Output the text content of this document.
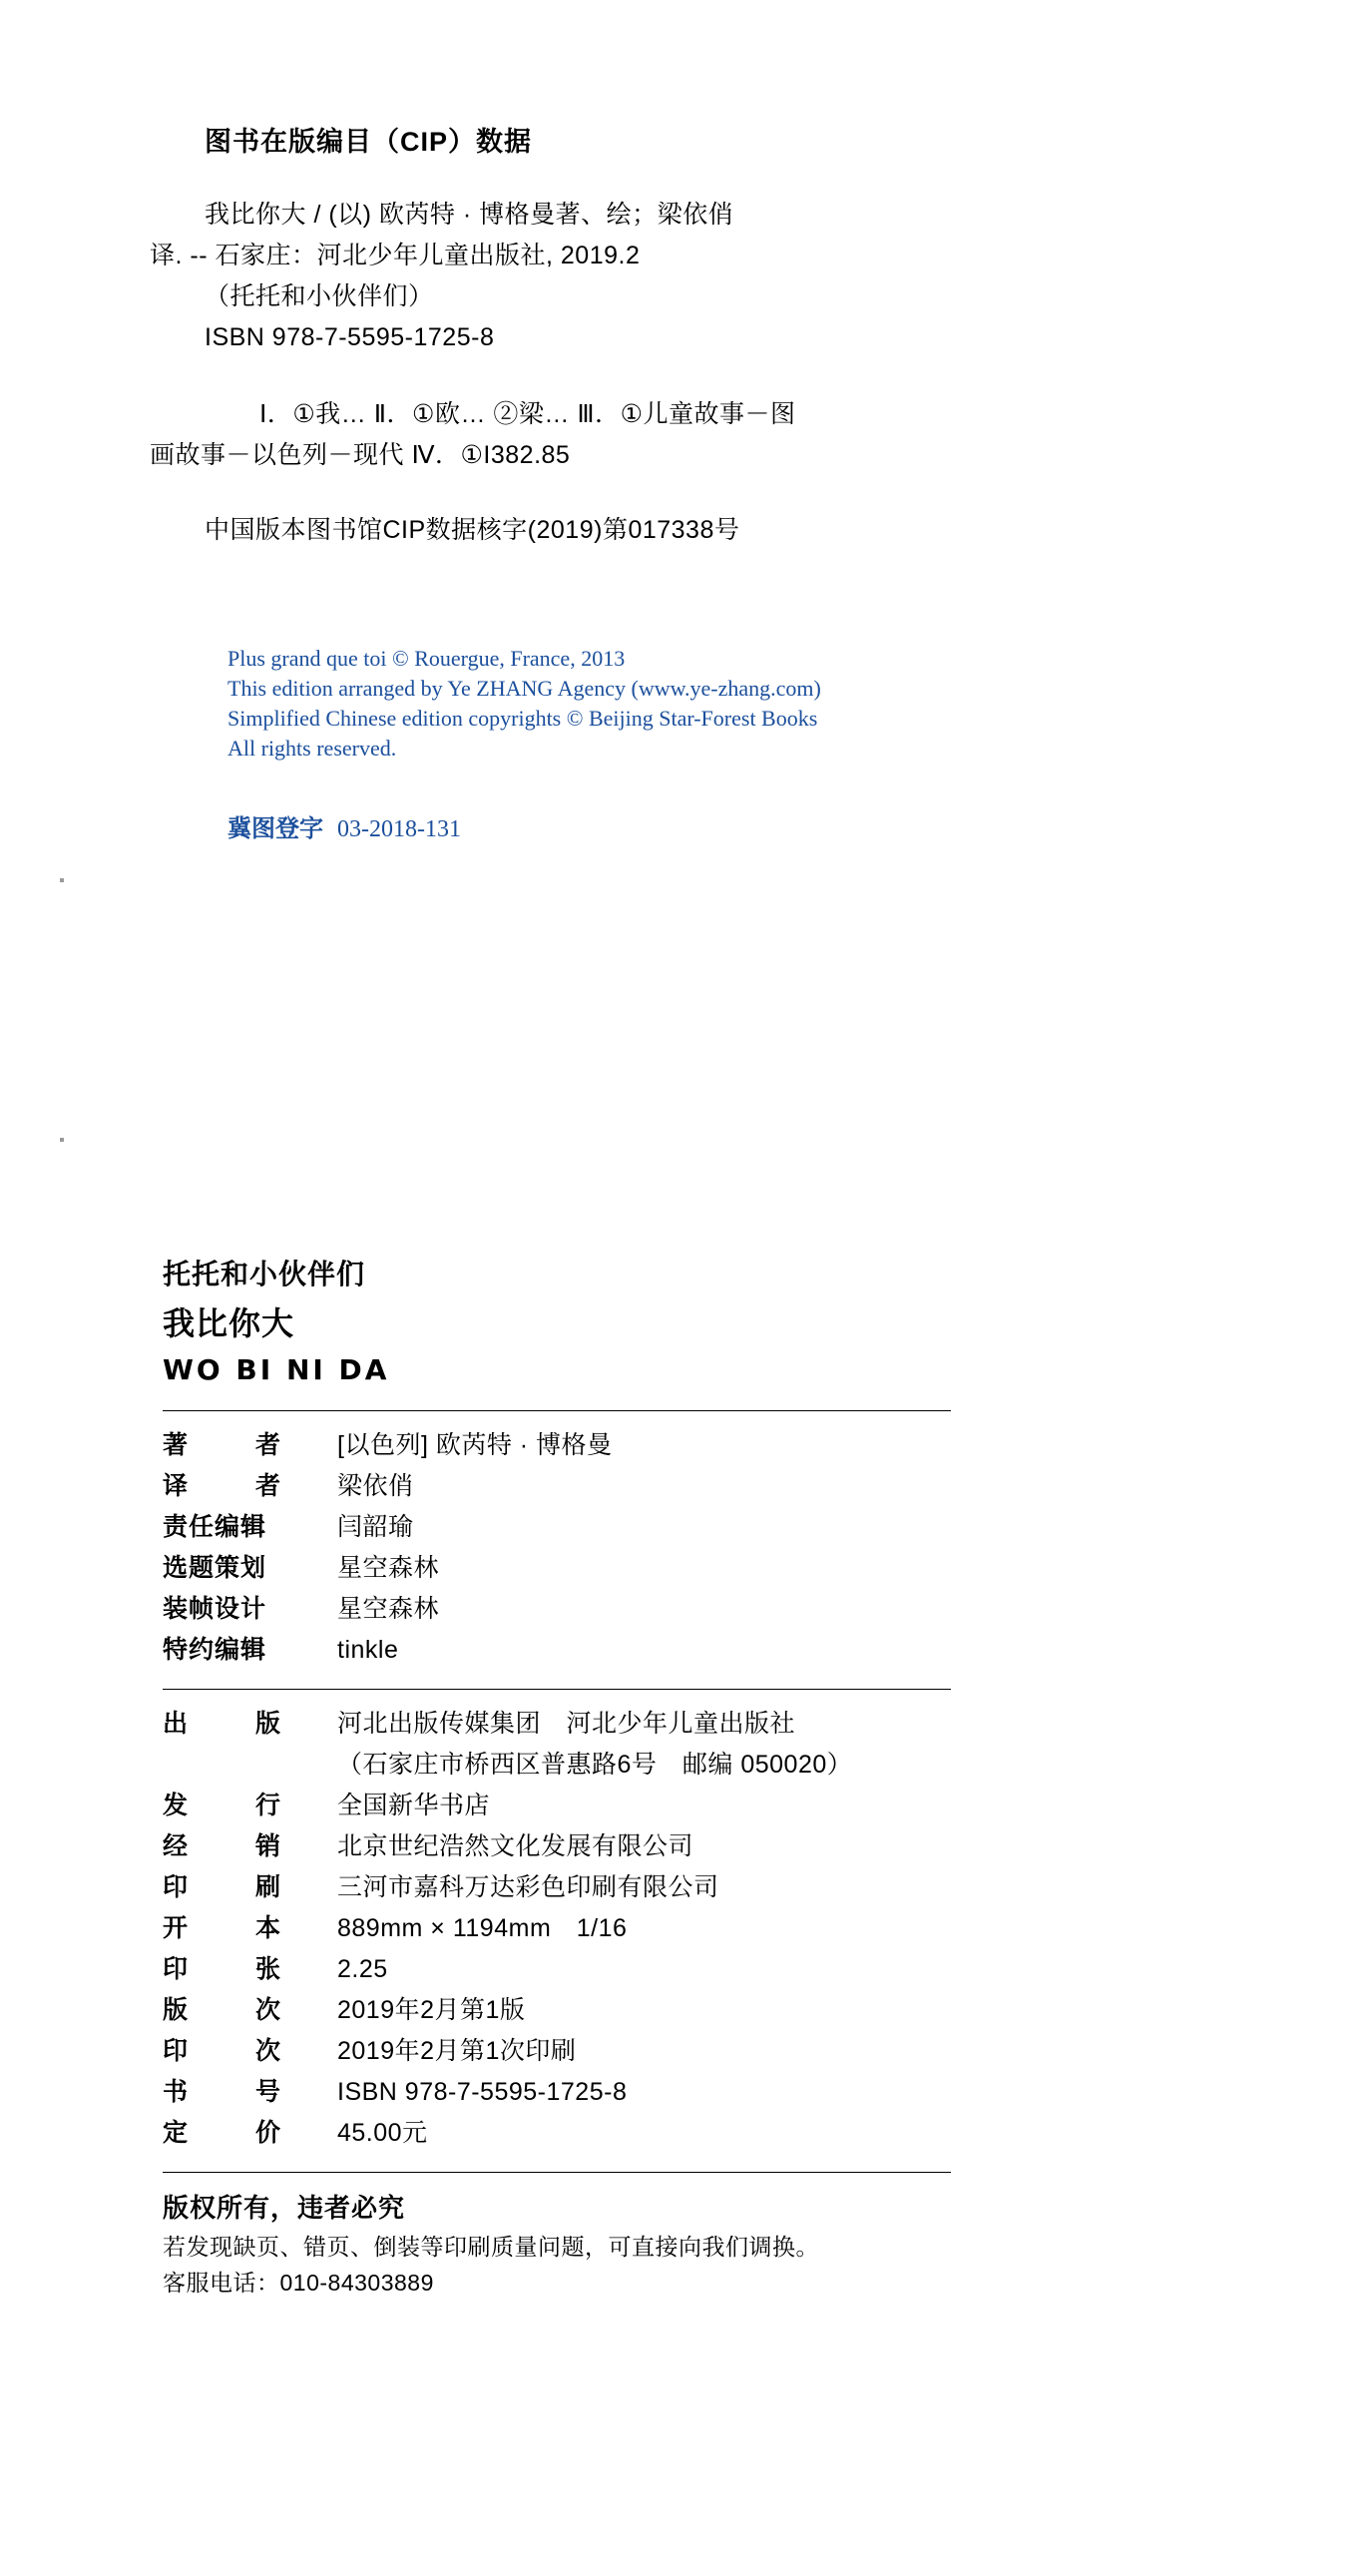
图书在版编目（CIP）数据
我比你大 / (以) 欧芮特 · 博格曼著、绘；梁依俏
译. -- 石家庄：河北少年儿童出版社, 2019.2
（托托和小伙伴们）
ISBN 978-7-5595-1725-8
Ⅰ．①我… Ⅱ．①欧… ②梁… Ⅲ．①儿童故事－图
画故事－以色列－现代 Ⅳ．①I382.85
中国版本图书馆CIP数据核字(2019)第017338号
Plus grand que toi © Rouergue, France, 2013
This edition arranged by Ye ZHANG Agency (www.ye-zhang.com)
Simplified Chinese edition copyrights © Beijing Star-Forest Books
All rights reserved.
冀图登字 03-2018-131
托托和小伙伴们
我比你大
WO BI NI DA
著	者 [以色列] 欧芮特 · 博格曼
译	者 梁依俏
责任编辑	闫韶瑜
选题策划	星空森林
装帧设计	星空森林
特约编辑	tinkle
出	版 河北出版传媒集团　河北少年儿童出版社
（石家庄市桥西区普惠路6号　邮编 050020）
发	行 全国新华书店
经	销 北京世纪浩然文化发展有限公司
印	刷 三河市嘉科万达彩色印刷有限公司
开	本 889mm × 1194mm　1/16
印	张 2.25
版	次 2019年2月第1版
印	次 2019年2月第1次印刷
书	号 ISBN 978-7-5595-1725-8
定	价 45.00元
版权所有，违者必究
若发现缺页、错页、倒装等印刷质量问题，可直接向我们调换。
客服电话：010-84303889
